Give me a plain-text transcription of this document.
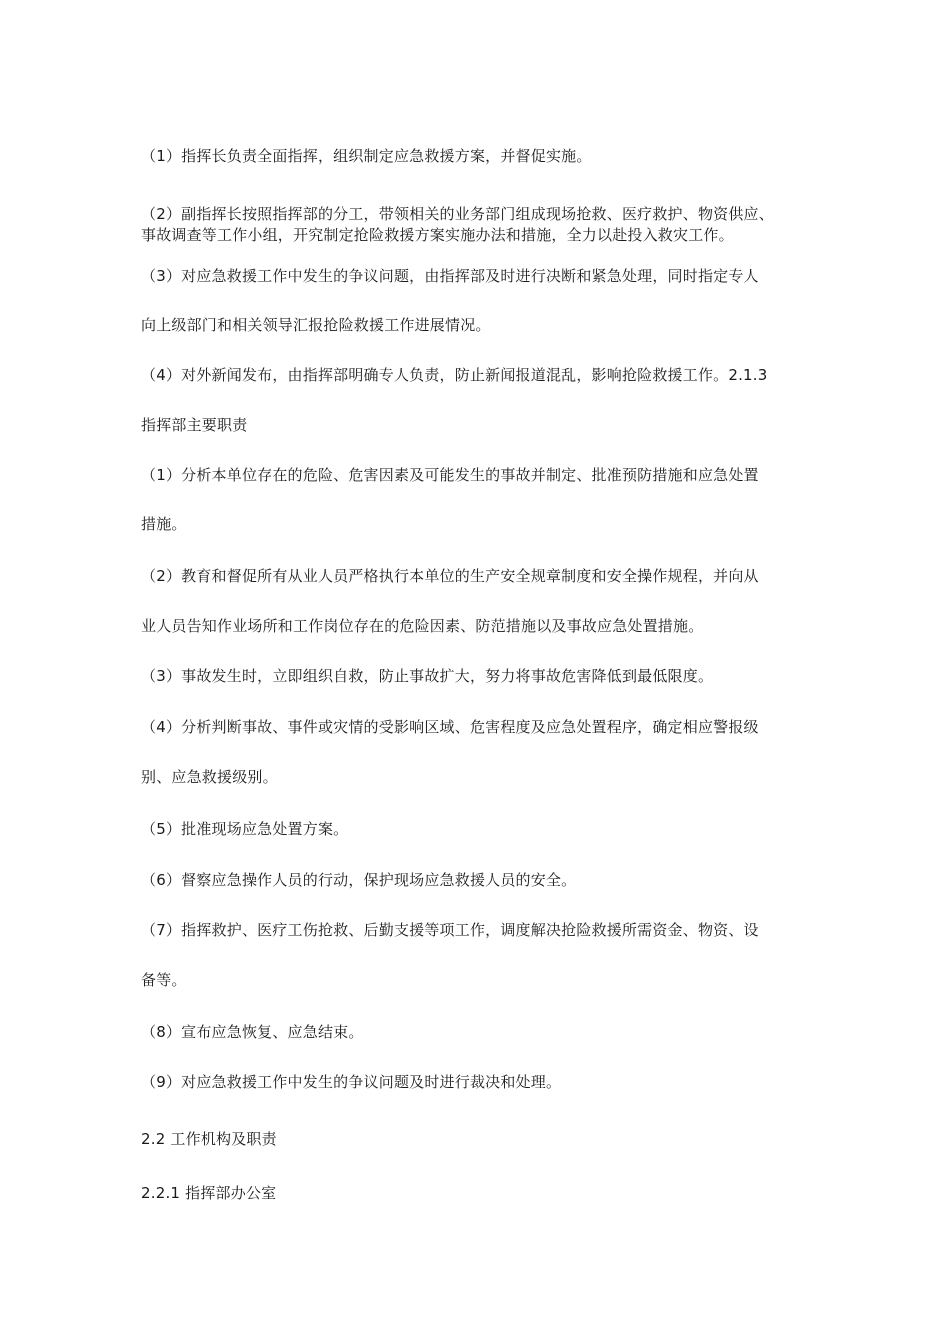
（1）指挥长负责全面指挥，组织制定应急救援方案，并督促实施。
（2）副指挥长按照指挥部的分工，带领相关的业务部门组成现场抢救、医疗救护、物资供应、
事故调查等工作小组，开究制定抢险救援方案实施办法和措施，全力以赴投入救灾工作。
（3）对应急救援工作中发生的争议问题，由指挥部及时进行决断和紧急处理，同时指定专人
向上级部门和相关领导汇报抢险救援工作进展情况。
（4）对外新闻发布，由指挥部明确专人负责，防止新闻报道混乱，影响抢险救援工作。2.1.3
指挥部主要职责
（1）分析本单位存在的危险、危害因素及可能发生的事故并制定、批准预防措施和应急处置
措施。
（2）教育和督促所有从业人员严格执行本单位的生产安全规章制度和安全操作规程，并向从
业人员告知作业场所和工作岗位存在的危险因素、防范措施以及事故应急处置措施。
（3）事故发生时，立即组织自救，防止事故扩大，努力将事故危害降低到最低限度。
（4）分析判断事故、事件或灾情的受影响区域、危害程度及应急处置程序，确定相应警报级
别、应急救援级别。
（5）批准现场应急处置方案。
（6）督察应急操作人员的行动，保护现场应急救援人员的安全。
（7）指挥救护、医疗工伤抢救、后勤支援等项工作，调度解决抢险救援所需资金、物资、设
备等。
（8）宣布应急恢复、应急结束。
（9）对应急救援工作中发生的争议问题及时进行裁决和处理。
2.2 工作机构及职责
2.2.1 指挥部办公室
